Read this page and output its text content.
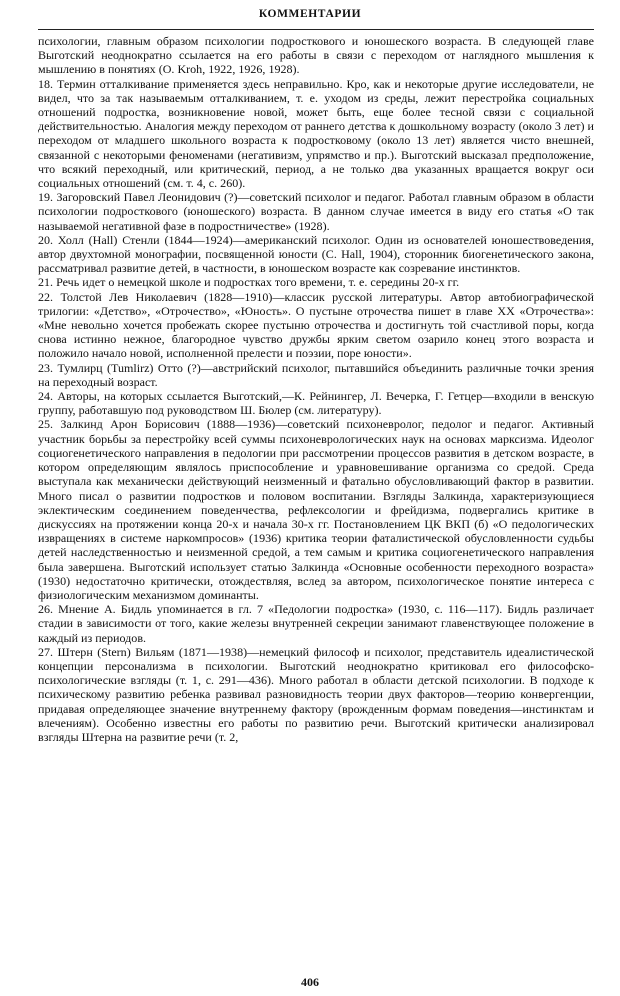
КОММЕНТАРИИ

психологии, главным образом психологии подросткового и юношеского возраста. В следующей главе Выготский неоднократно ссылается на его работы в связи с переходом от наглядного мышления к мышлению в понятиях (O. Kroh, 1922, 1926, 1928).

18. Термин отталкивание применяется здесь неправильно. Кро, как и некоторые другие исследователи, не видел, что за так называемым отталкиванием, т. е. уходом из среды, лежит перестройка социальных отношений подростка, возникновение новой, может быть, еще более тесной связи с социальной действительностью. Аналогия между переходом от раннего детства к дошкольному возрасту (около 3 лет) и переходом от младшего школьного возраста к подростковому (около 13 лет) является чисто внешней, связанной с некоторыми феноменами (негативизм, упрямство и пр.). Выготский высказал предположение, что всякий переходный, или критический, период, а не только два указанных вращается вокруг оси социальных отношений (см. т. 4, с. 260).

19. Загоровский Павел Леонидович (?)—советский психолог и педагог. Работал главным образом в области психологии подросткового (юношеского) возраста. В данном случае имеется в виду его статья «О так называемой негативной фазе в подростничестве» (1928).

20. Холл (Hall) Стенли (1844—1924)—американский психолог. Один из основателей юношествоведения, автор двухтомной монографии, посвященной юности (С. Hall, 1904), сторонник биогенетического закона, рассматривал развитие детей, в частности, в юношеском возрасте как созревание инстинктов.

21. Речь идет о немецкой школе и подростках того времени, т. е. середины 20-х гг.

22. Толстой Лев Николаевич (1828—1910)—классик русской литературы. Автор автобиографической трилогии: «Детство», «Отрочество», «Юность». О пустыне отрочества пишет в главе XX «Отрочества»: «Мне невольно хочется пробежать скорее пустыню отрочества и достигнуть той счастливой поры, когда снова истинно нежное, благородное чувство дружбы ярким светом озарило конец этого возраста и положило начало новой, исполненной прелести и поэзии, поре юности».

23. Тумлирц (Tumlirz) Отто (?)—австрийский психолог, пытавшийся объединить различные точки зрения на переходный возраст.

24. Авторы, на которых ссылается Выготский,—К. Рейнингер, Л. Вечерка, Г. Гетцер—входили в венскую группу, работавшую под руководством Ш. Бюлер (см. литературу).

25. Залкинд Арон Борисович (1888—1936)—советский психоневролог, педолог и педагог. Активный участник борьбы за перестройку всей суммы психоневрологических наук на основах марксизма. Идеолог социогенетического направления в педологии при рассмотрении процессов развития в детском возрасте, в котором определяющим являлось приспособление и уравновешивание организма со средой. Среда выступала как механически действующий неизменный и фатально обусловливающий фактор в развитии. Много писал о развитии подростков и половом воспитании. Взгляды Залкинда, характеризующиеся эклектическим соединением поведенчества, рефлексологии и фрейдизма, подвергались критике в дискуссиях на протяжении конца 20-х и начала 30-х гг. Постановлением ЦК ВКП (б) «О педологических извращениях в системе наркомпросов» (1936) критика теории фаталистической обусловленности судьбы детей наследственностью и неизменной средой, а тем самым и критика социогенетического направления была завершена. Выготский использует статью Залкинда «Основные особенности переходного возраста» (1930) недостаточно критически, отождествляя, вслед за автором, психологическое понятие интереса с физиологическим механизмом доминанты.

26. Мнение А. Бидль упоминается в гл. 7 «Педологии подростка» (1930, с. 116—117). Бидль различает стадии в зависимости от того, какие железы внутренней секреции занимают главенствующее положение в каждый из периодов.

27. Штерн (Stern) Вильям (1871—1938)—немецкий философ и психолог, представитель идеалистической концепции персонализма в психологии. Выготский неоднократно критиковал его философско-психологические взгляды (т. 1, с. 291—436). Много работал в области детской психологии. В подходе к психическому развитию ребенка развивал разновидность теории двух факторов—теорию конвергенции, придавая определяющее значение внутреннему фактору (врожденным формам поведения—инстинктам и влечениям). Особенно известны его работы по развитию речи. Выготский критически анализировал взгляды Штерна на развитие речи (т. 2,

406
